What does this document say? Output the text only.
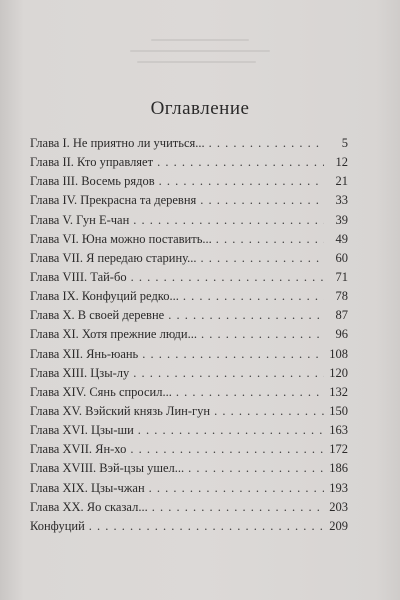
Оглавление
Глава I. Не приятно ли учиться... . . .	5
Глава II. Кто управляет . . .	12
Глава III. Восемь рядов . . .	21
Глава IV. Прекрасна та деревня . . .	33
Глава V. Гун Е-чан . . .	39
Глава VI. Юна можно поставить... . . .	49
Глава VII. Я передаю старину... . . .	60
Глава VIII. Тай-бо . . .	71
Глава IX. Конфуций редко... . . .	78
Глава X. В своей деревне . . .	87
Глава XI. Хотя прежние люди... . . .	96
Глава XII. Янь-юань . . .	108
Глава XIII. Цзы-лу . . .	120
Глава XIV. Сянь спросил... . . .	132
Глава XV. Вэйский князь Лин-гун . . .	150
Глава XVI. Цзы-ши . . .	163
Глава XVII. Ян-хо . . .	172
Глава XVIII. Вэй-цзы ушел... . . .	186
Глава XIX. Цзы-чжан . . .	193
Глава XX. Яо сказал... . . .	203
Конфуций . . .	209
